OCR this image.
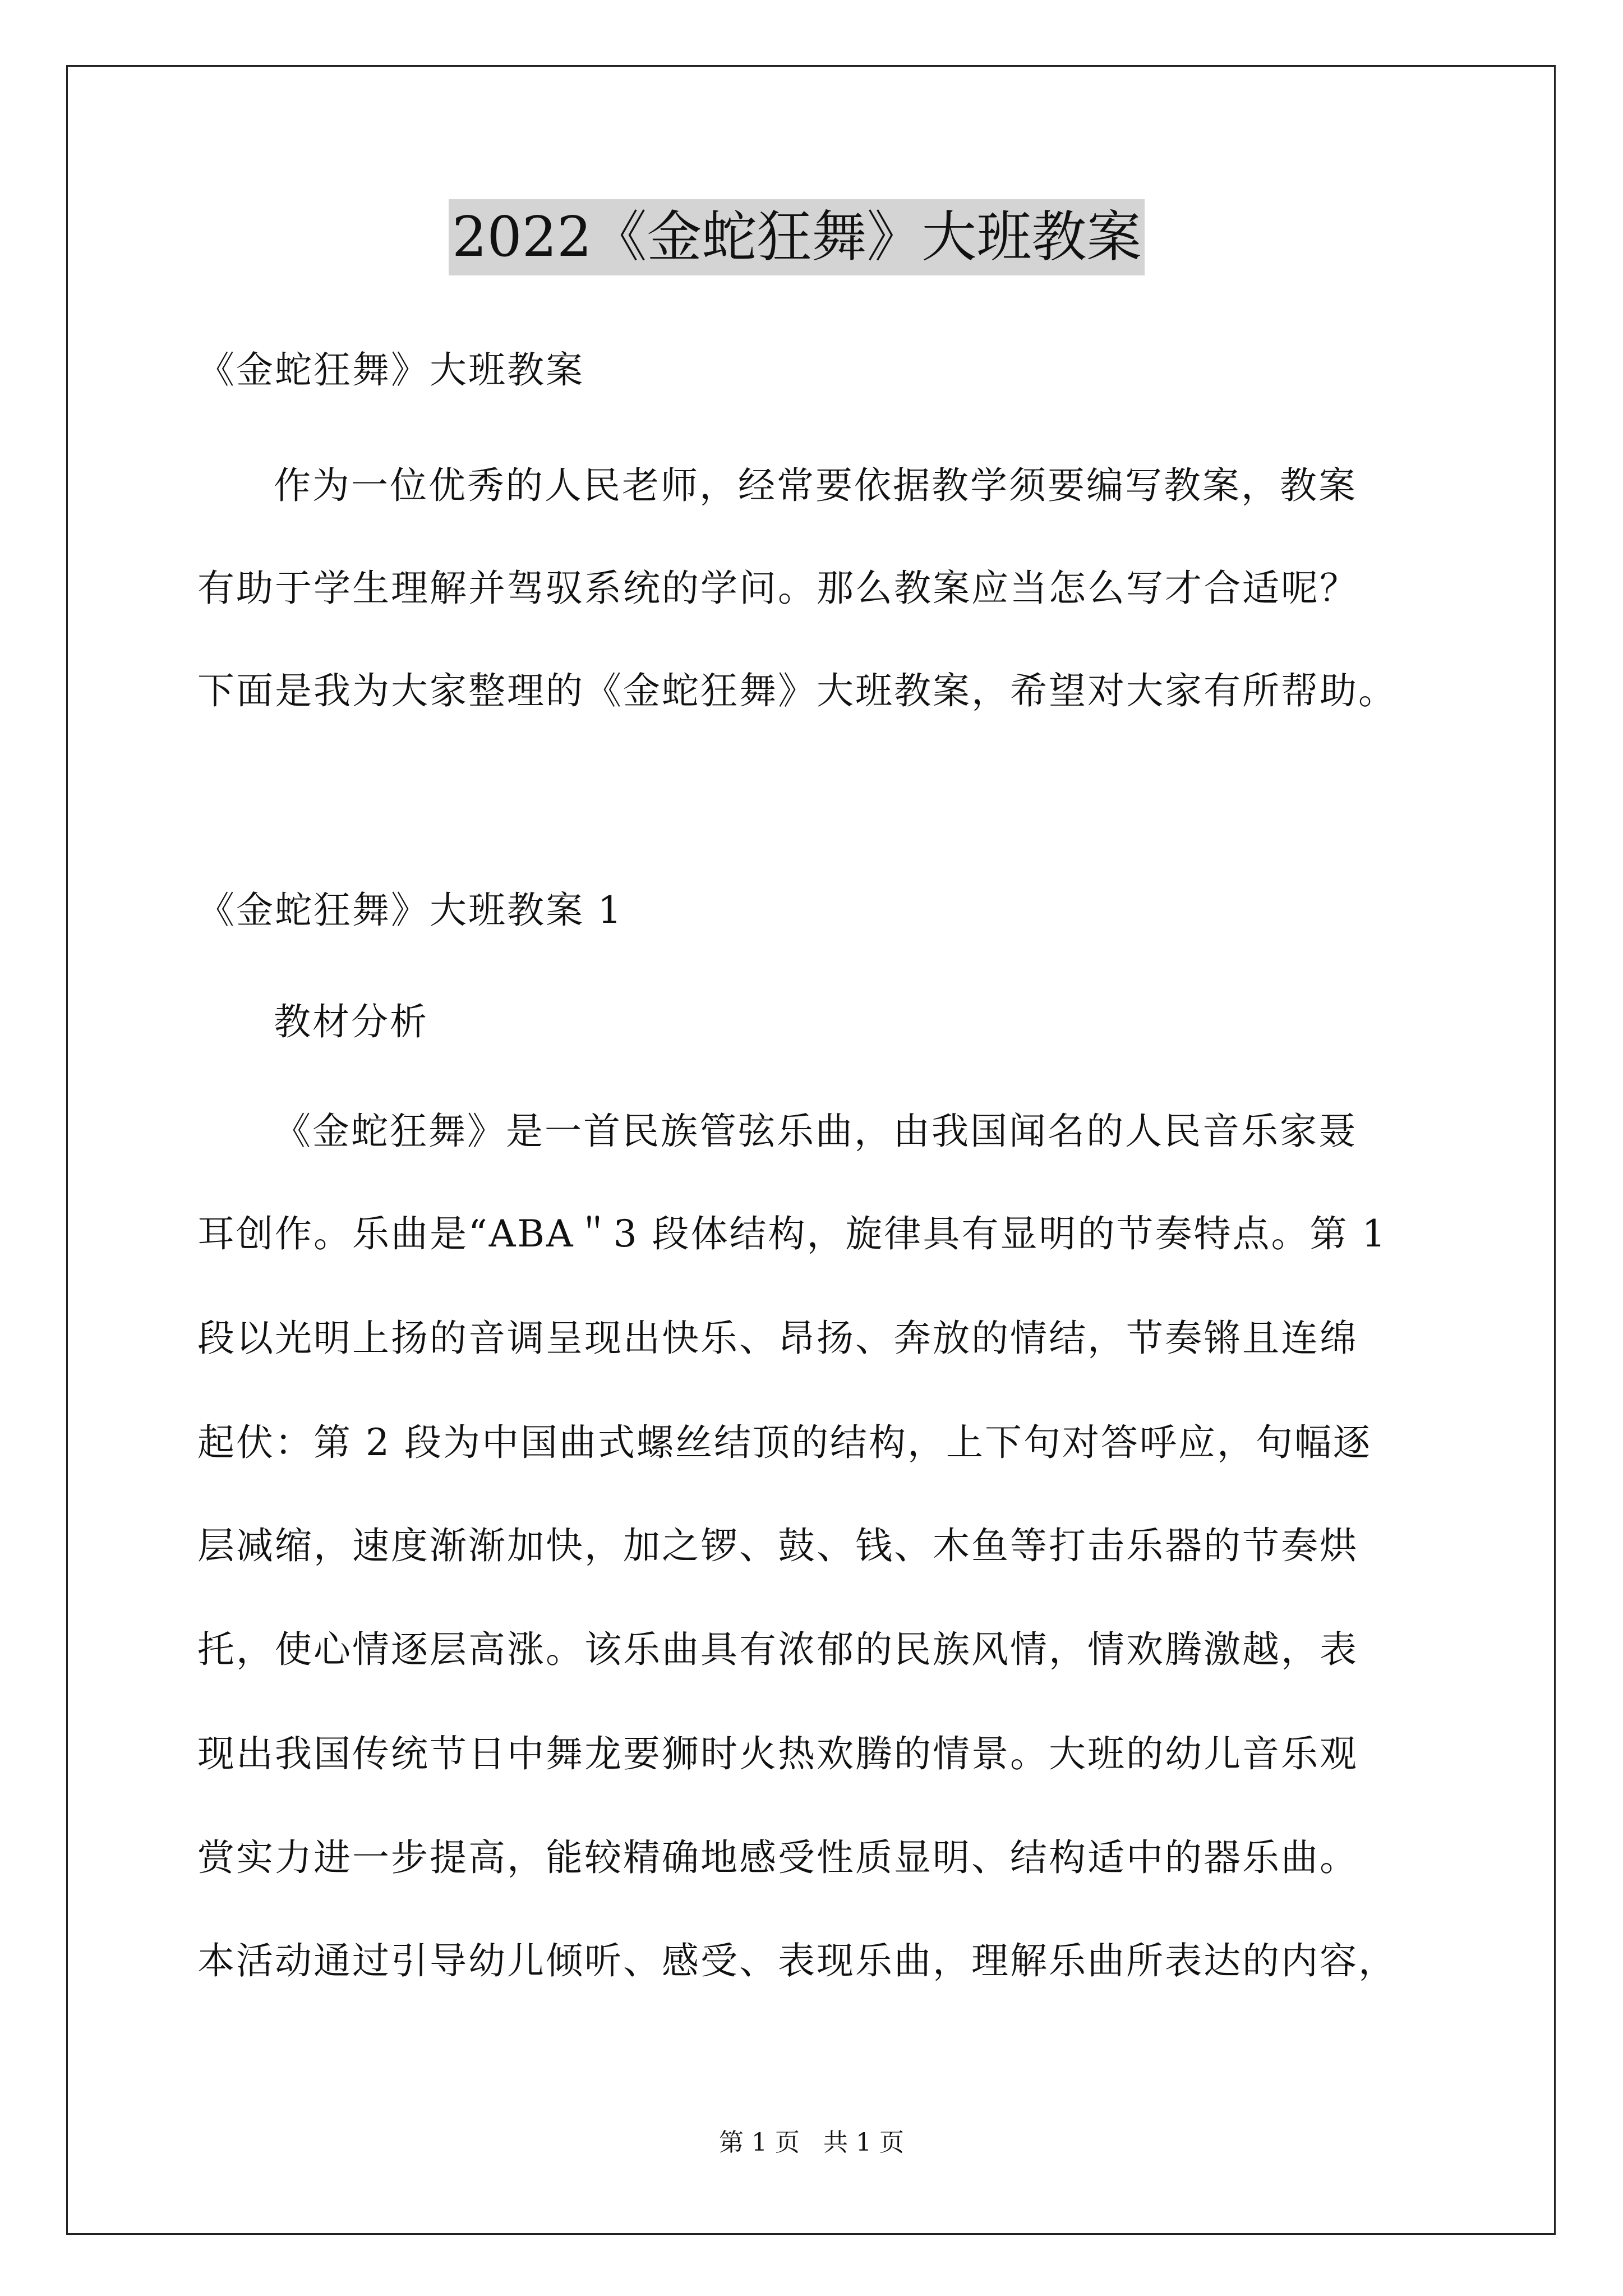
2022《金蛇狂舞》大班教案
《金蛇狂舞》大班教案
作为一位优秀的人民老师，经常要依据教学须要编写教案，教案
有助于学生理解并驾驭系统的学问。那么教案应当怎么写才合适呢？
下面是我为大家整理的《金蛇狂舞》大班教案，希望对大家有所帮助。
《金蛇狂舞》大班教案 1
教材分析
《金蛇狂舞》是一首民族管弦乐曲，由我国闻名的人民音乐家聂
耳创作。乐曲是“ABA＂3 段体结构，旋律具有显明的节奏特点。第 1
段以光明上扬的音调呈现出快乐、昂扬、奔放的情结，节奏锵且连绵
起伏：第 2 段为中国曲式螺丝结顶的结构，上下句对答呼应，句幅逐
层减缩，速度渐渐加快，加之锣、鼓、钱、木鱼等打击乐器的节奏烘
托，使心情逐层高涨。该乐曲具有浓郁的民族风情，情欢腾激越，表
现出我国传统节日中舞龙要狮时火热欢腾的情景。大班的幼儿音乐观
赏实力进一步提高，能较精确地感受性质显明、结构适中的器乐曲。
本活动通过引导幼儿倾听、感受、表现乐曲，理解乐曲所表达的内容，
第 1 页   共 1 页
